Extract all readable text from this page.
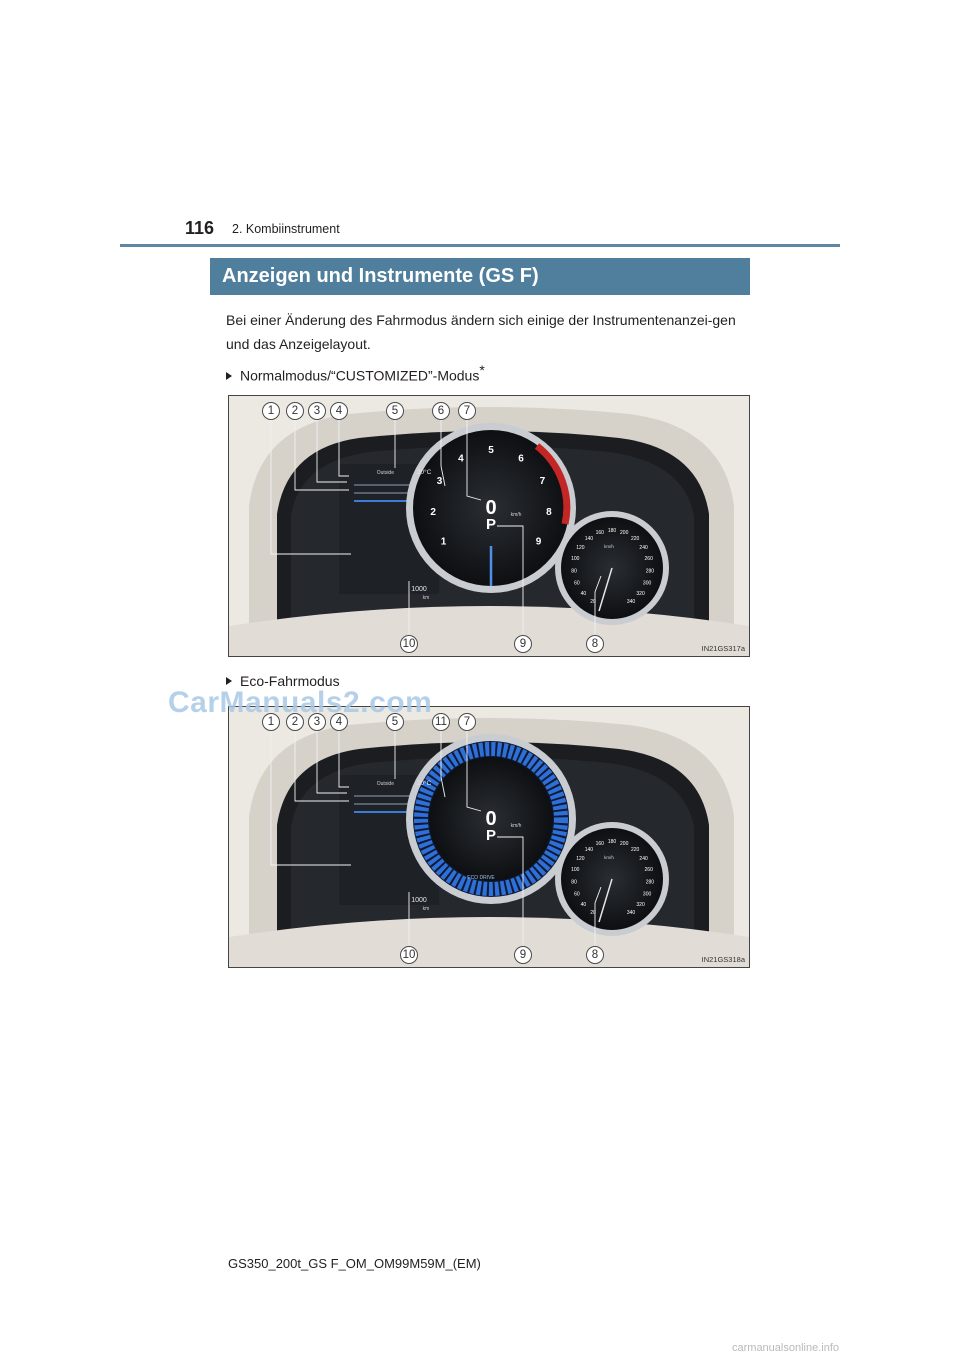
116 2. Kombiinstrument
Anzeigen und Instrumente (GS F)
Bei einer Änderung des Fahrmodus ändern sich einige der Instrumentenanzei-gen und das Anzeigelayout.
Normalmodus/“CUSTOMIZED”-Modus*
Outside	20°C
0
P
km/h
1000
km
km/h
1
2
3
4
5
6
7
8
9
20
40
60
80
100
120
140
160 180 200
220
240
260
280
300
320
340
IN21GS317a
1	2	3	4	5	6	7
10	9	8
Eco-Fahrmodus
Outside	20°C
0
P
km/h
1000
km
km/h
ECO DRIVE
20
40
60
80
100
120
140
160 180 200
220
240
260
280
300
320
340
IN21GS318a
1	2	3	4	5	11	7
10	9	8
CarManuals2.com
GS350_200t_GS F_OM_OM99M59M_(EM)
carmanualsonline.info
